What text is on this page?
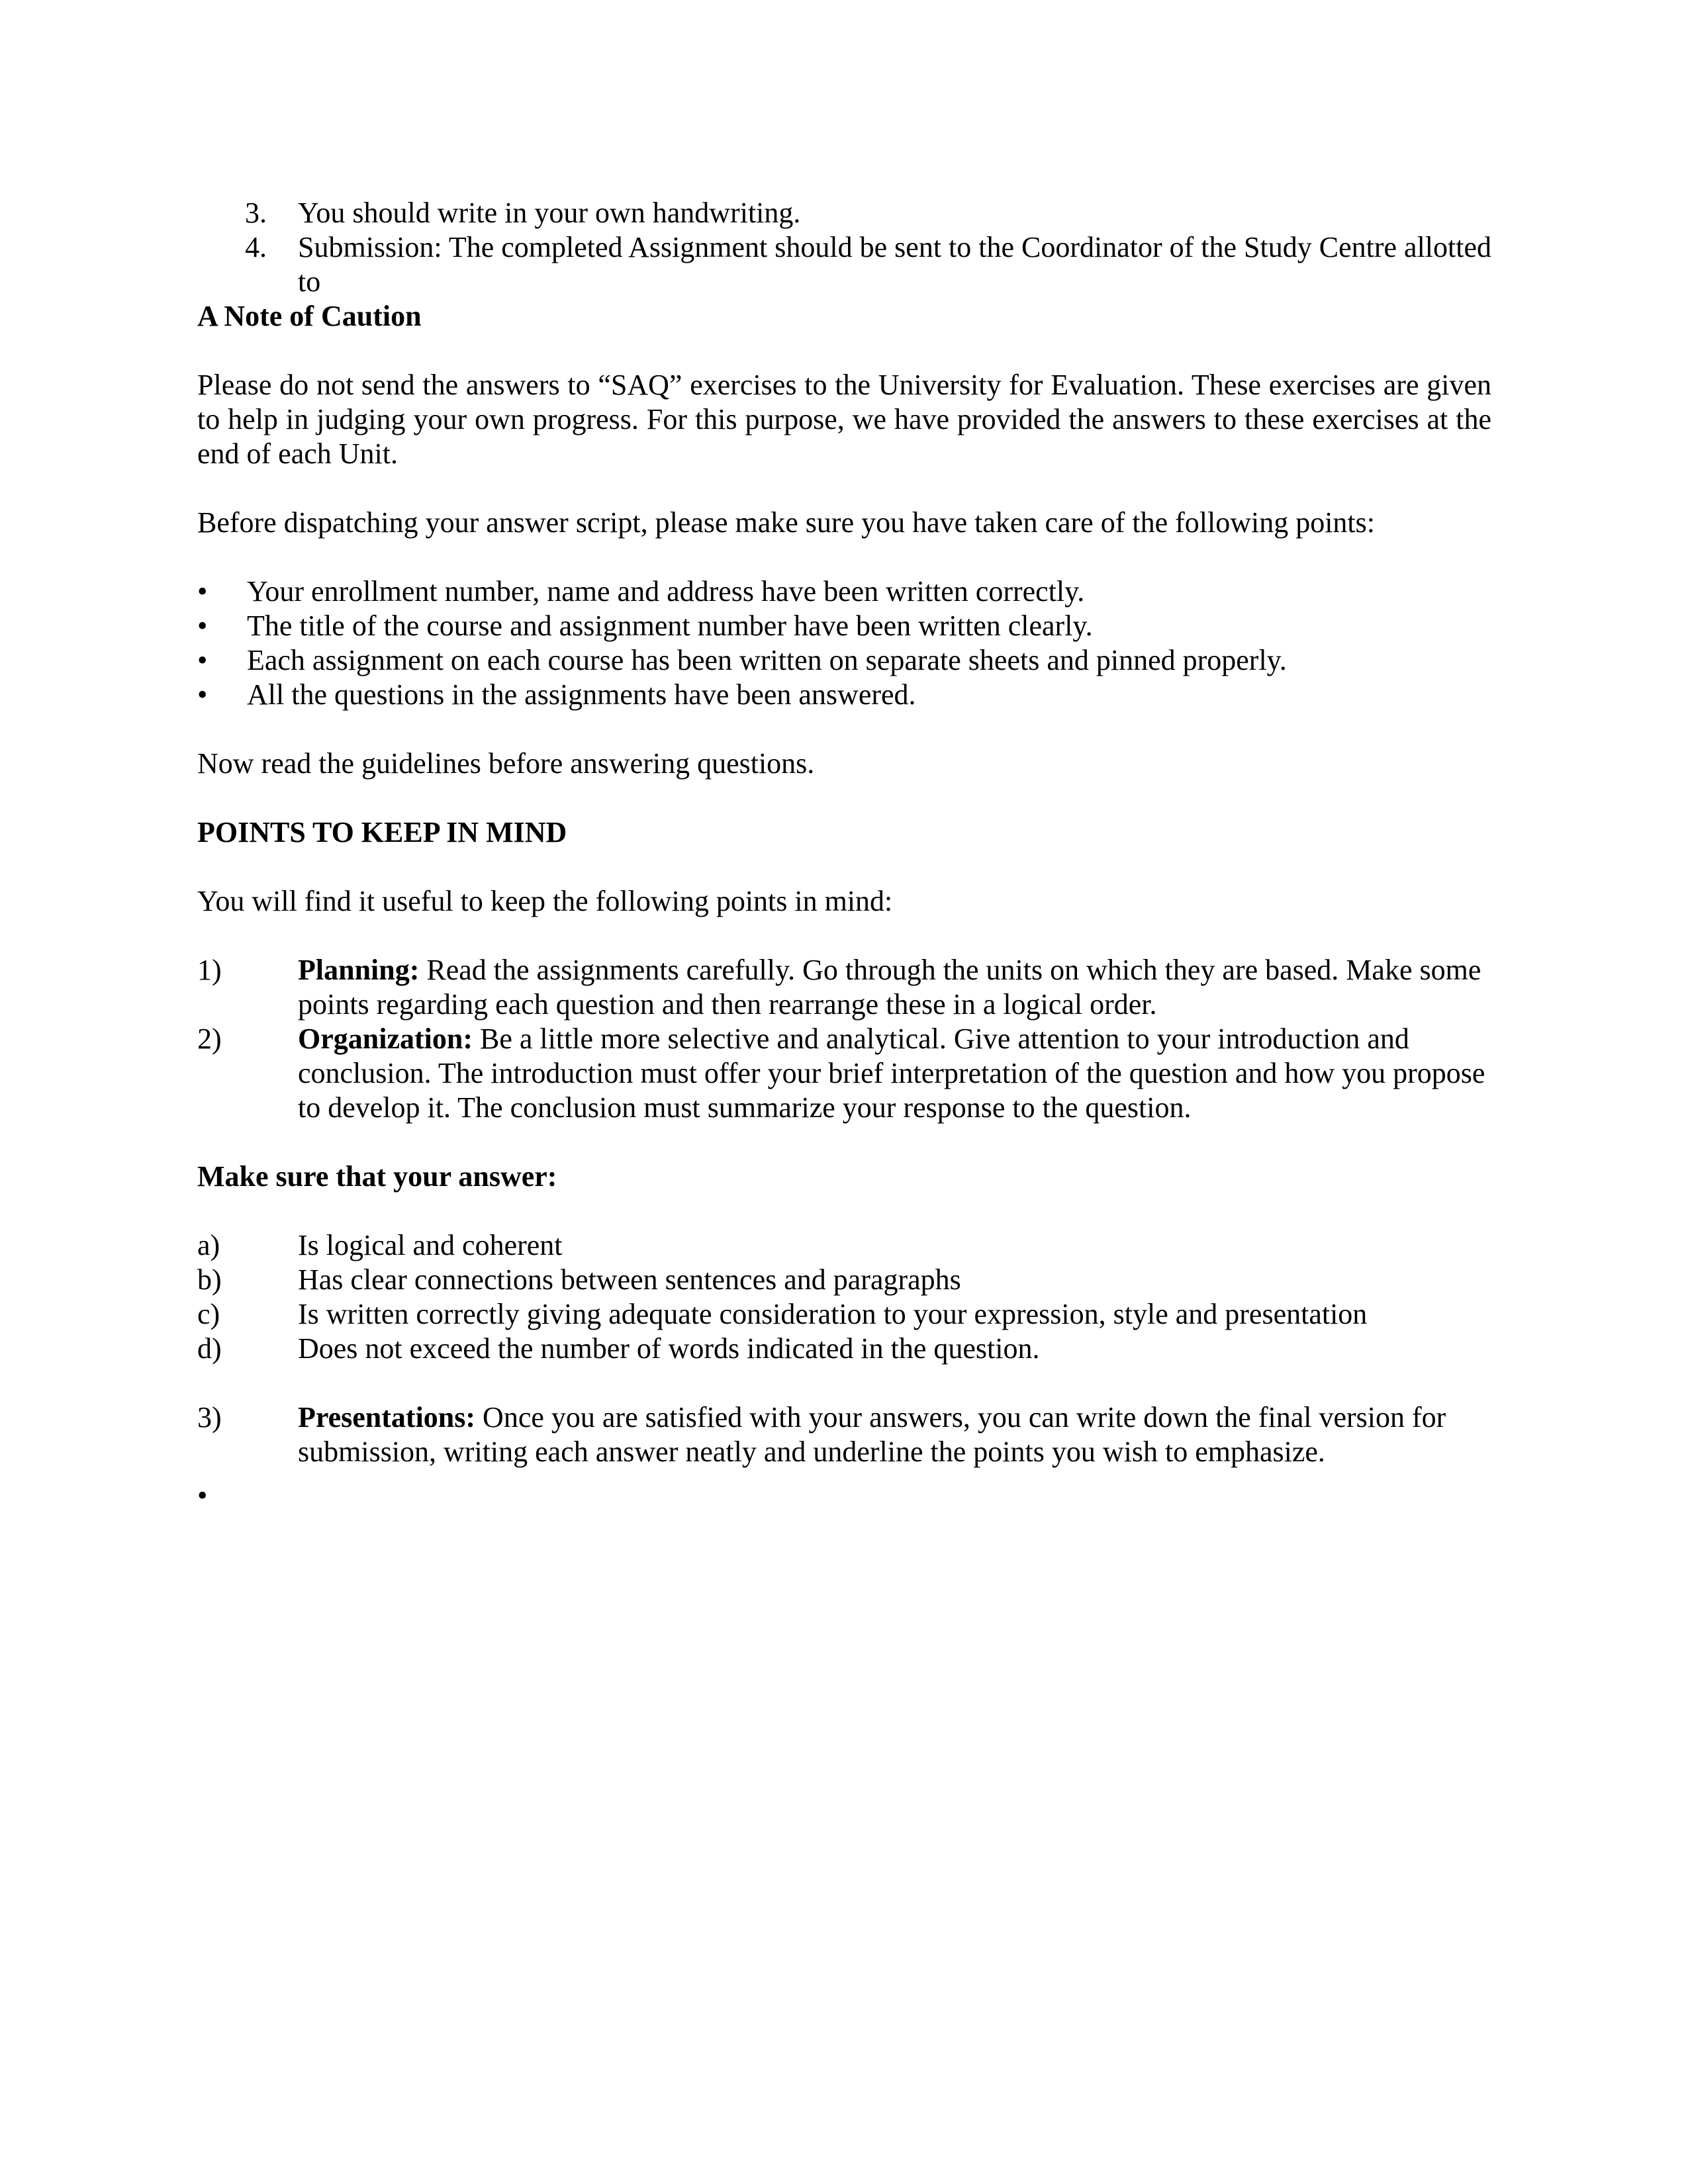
3. You should write in your own handwriting.
4. Submission: The completed Assignment should be sent to the Coordinator of the Study Centre allotted to
A Note of Caution
Please do not send the answers to “SAQ” exercises to the University for Evaluation. These exercises are given to help in judging your own progress. For this purpose, we have provided the answers to these exercises at the end of each Unit.
Before dispatching your answer script, please make sure you have taken care of the following points:
• Your enrollment number, name and address have been written correctly.
• The title of the course and assignment number have been written clearly.
• Each assignment on each course has been written on separate sheets and pinned properly.
• All the questions in the assignments have been answered.
Now read the guidelines before answering questions.
POINTS TO KEEP IN MIND
You will find it useful to keep the following points in mind:
1)	Planning: Read the assignments carefully. Go through the units on which they are based. Make some points regarding each question and then rearrange these in a logical order.
2)	Organization: Be a little more selective and analytical. Give attention to your introduction and conclusion. The introduction must offer your brief interpretation of the question and how you propose to develop it. The conclusion must summarize your response to the question.
Make sure that your answer:
a)	Is logical and coherent
b)	Has clear connections between sentences and paragraphs
c)	Is written correctly giving adequate consideration to your expression, style and presentation
d)	Does not exceed the number of words indicated in the question.
3)	Presentations: Once you are satisfied with your answers, you can write down the final version for submission, writing each answer neatly and underline the points you wish to emphasize.
•
